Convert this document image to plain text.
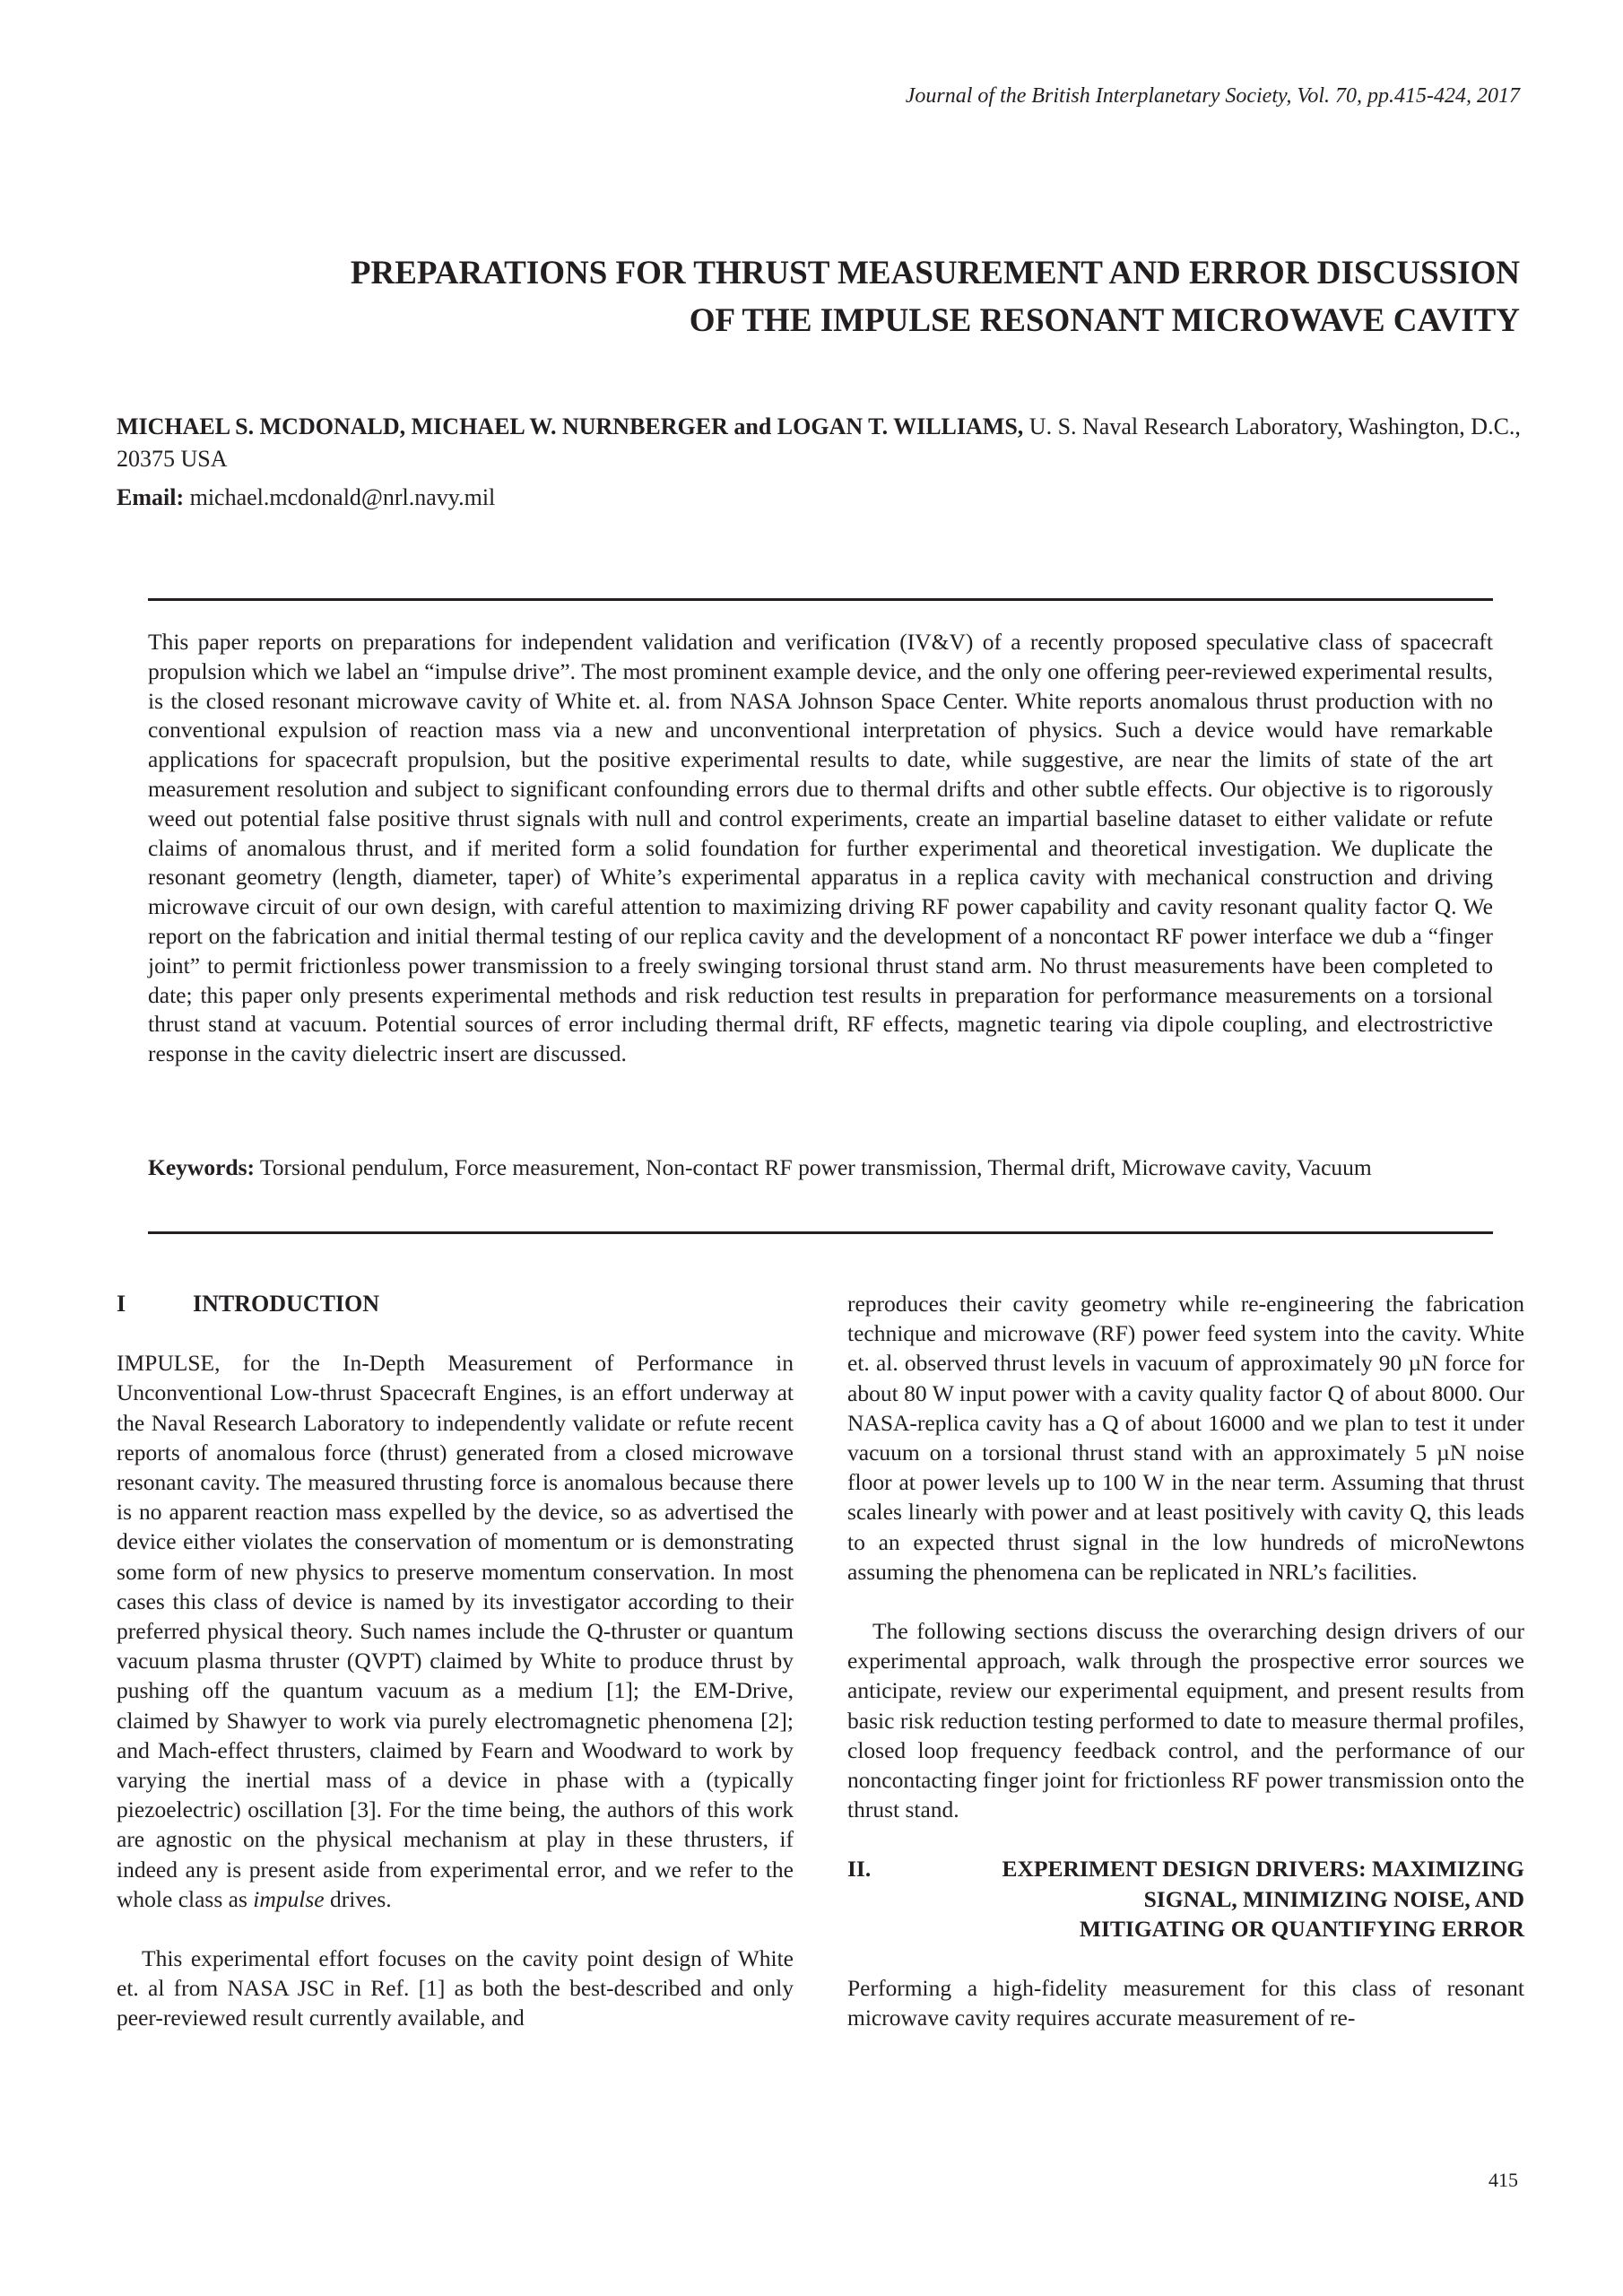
Journal of the British Interplanetary Society, Vol. 70, pp.415-424, 2017
PREPARATIONS FOR THRUST MEASUREMENT AND ERROR DISCUSSION
OF THE IMPULSE RESONANT MICROWAVE CAVITY
MICHAEL S. MCDONALD, MICHAEL W. NURNBERGER and LOGAN T. WILLIAMS, U. S. Naval Research Laboratory, Washington, D.C., 20375 USA
Email: michael.mcdonald@nrl.navy.mil

This paper reports on preparations for independent validation and verification (IV&V) of a recently proposed speculative class of spacecraft propulsion which we label an “impulse drive”. The most prominent example device, and the only one offering peer-reviewed experimental results, is the closed resonant microwave cavity of White et. al. from NASA Johnson Space Center. White reports anomalous thrust production with no conventional expulsion of reaction mass via a new and unconventional interpretation of physics. Such a device would have remarkable applications for spacecraft propulsion, but the positive experimental results to date, while suggestive, are near the limits of state of the art measurement resolution and subject to significant confounding errors due to thermal drifts and other subtle effects. Our objective is to rigorously weed out potential false positive thrust signals with null and control experiments, create an impartial baseline dataset to either validate or refute claims of anomalous thrust, and if merited form a solid foundation for further experimental and theoretical investigation. We duplicate the resonant geometry (length, diameter, taper) of White’s experimental apparatus in a replica cavity with mechanical construction and driving microwave circuit of our own design, with careful attention to maximizing driving RF power capability and cavity resonant quality factor Q. We report on the fabrication and initial thermal testing of our replica cavity and the development of a noncontact RF power interface we dub a “finger joint” to permit frictionless power transmission to a freely swinging torsional thrust stand arm. No thrust measurements have been completed to date; this paper only presents experimental methods and risk reduction test results in preparation for performance measurements on a torsional thrust stand at vacuum. Potential sources of error including thermal drift, RF effects, magnetic tearing via dipole coupling, and electrostrictive response in the cavity dielectric insert are discussed.

Keywords: Torsional pendulum, Force measurement, Non-contact RF power transmission, Thermal drift, Microwave cavity, Vacuum

I	INTRODUCTION

IMPULSE, for the In-Depth Measurement of Performance in Unconventional Low-thrust Spacecraft Engines, is an effort underway at the Naval Research Laboratory to independently validate or refute recent reports of anomalous force (thrust) generated from a closed microwave resonant cavity. The measured thrusting force is anomalous because there is no apparent reaction mass expelled by the device, so as advertised the device either violates the conservation of momentum or is demonstrating some form of new physics to preserve momentum conservation. In most cases this class of device is named by its investigator according to their preferred physical theory. Such names include the Q-thruster or quantum vacuum plasma thruster (QVPT) claimed by White to produce thrust by pushing off the quantum vacuum as a medium [1]; the EM-Drive, claimed by Shawyer to work via purely electromagnetic phenomena [2]; and Mach-effect thrusters, claimed by Fearn and Woodward to work by varying the inertial mass of a device in phase with a (typically piezoelectric) oscillation [3]. For the time being, the authors of this work are agnostic on the physical mechanism at play in these thrusters, if indeed any is present aside from experimental error, and we refer to the whole class as impulse drives.

This experimental effort focuses on the cavity point design of White et. al from NASA JSC in Ref. [1] as both the best-described and only peer-reviewed result currently available, and

reproduces their cavity geometry while re-engineering the fabrication technique and microwave (RF) power feed system into the cavity. White et. al. observed thrust levels in vacuum of approximately 90 µN force for about 80 W input power with a cavity quality factor Q of about 8000. Our NASA-replica cavity has a Q of about 16000 and we plan to test it under vacuum on a torsional thrust stand with an approximately 5 µN noise floor at power levels up to 100 W in the near term. Assuming that thrust scales linearly with power and at least positively with cavity Q, this leads to an expected thrust signal in the low hundreds of microNewtons assuming the phenomena can be replicated in NRL’s facilities.

The following sections discuss the overarching design drivers of our experimental approach, walk through the prospective error sources we anticipate, review our experimental equipment, and present results from basic risk reduction testing performed to date to measure thermal profiles, closed loop frequency feedback control, and the performance of our noncontacting finger joint for frictionless RF power transmission onto the thrust stand.

II.	EXPERIMENT DESIGN DRIVERS: MAXIMIZING
SIGNAL, MINIMIZING NOISE, AND
MITIGATING OR QUANTIFYING ERROR

Performing a high-fidelity measurement for this class of resonant microwave cavity requires accurate measurement of re-

415
